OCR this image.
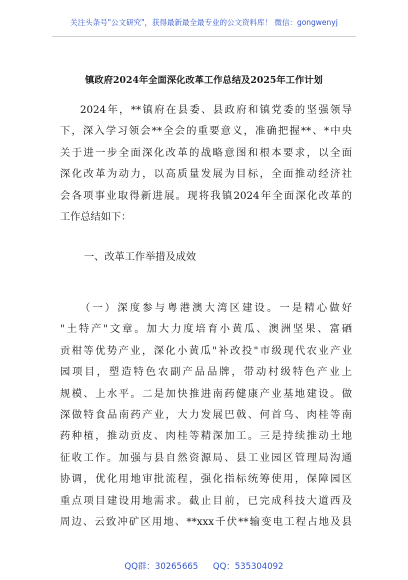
关注头条号"公文研究"，获得最新最全最专业的公文资料库！ 微信：gongwenyj
镇政府2024年全面深化改革工作总结及2025年工作计划
2024年，**镇府在县委、县政府和镇党委的坚强领导
下，深入学习领会**全会的重要意义，准确把握**、*中央
关于进一步全面深化改革的战略意图和根本要求，以全面
深化改革为动力，以高质量发展为目标，全面推动经济社
会各项事业取得新进展。现将我镇2024年全面深化改革的
工作总结如下：
一、改革工作举措及成效
（一）深度参与粤港澳大湾区建设。一是精心做好
"土特产"文章。加大力度培育小黄瓜、澳洲坚果、富硒
贡柑等优势产业，深化小黄瓜"补改投"市级现代农业产业
园项目，塑造特色农副产品品牌，带动村级特色产业上
规模、上水平。二是加快推进南药健康产业基地建设。做
深做特食品南药产业，大力发展巴戟、何首乌、肉桂等南
药种植，推动贡皮、肉桂等精深加工。三是持续推动土地
征收工作。加强与县自然资源局、县工业园区管理局沟通
协调，优化用地审批流程，强化指标统筹使用，保障园区
重点项目建设用地需求。截止目前，已完成科技大道西及
周边、云致冲矿区用地、**xxx千伏**输变电工程占地及县
QQ群：30265665 QQ：535304092
